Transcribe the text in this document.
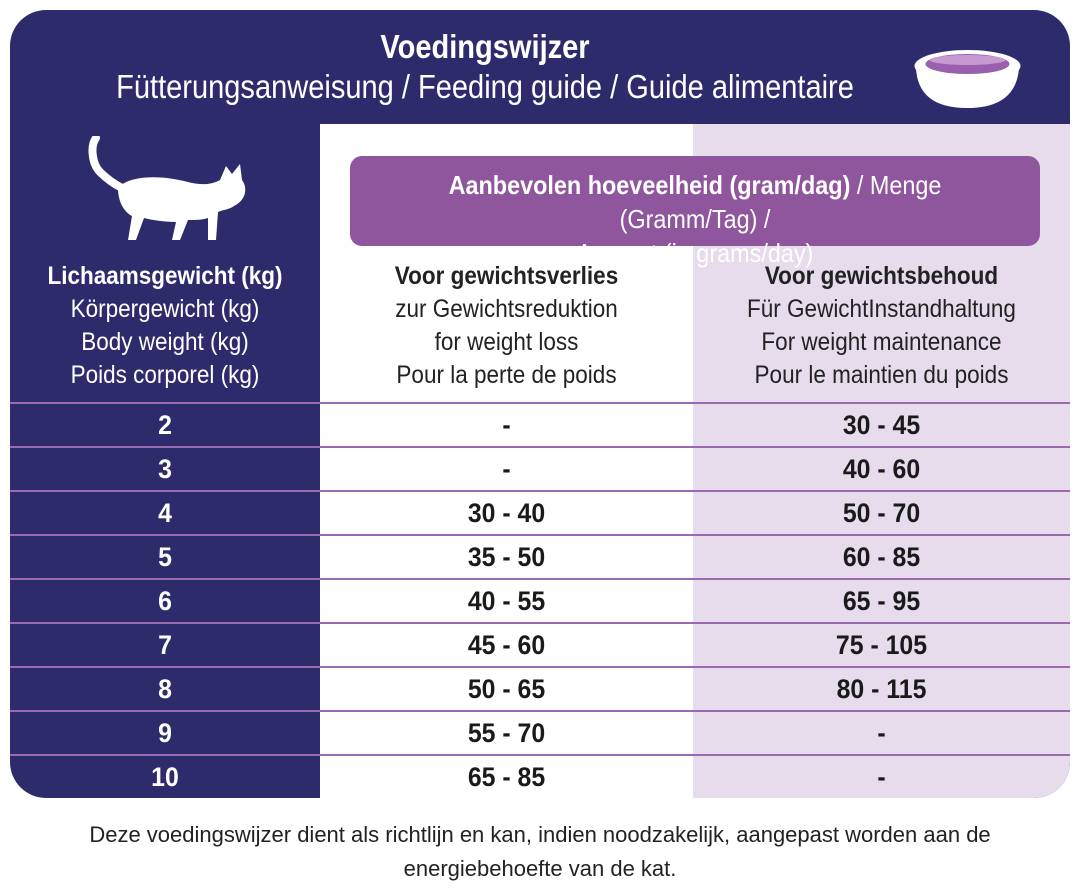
Voedingswijzer
Fütterungsanweisung / Feeding guide / Guide alimentaire
Aanbevolen hoeveelheid (gram/dag) / Menge (Gramm/Tag) /
Amount (in grams/day)
Lichaamsgewicht (kg)
Körpergewicht (kg)
Body weight (kg)
Poids corporel (kg)
Voor gewichtsverlies
zur Gewichtsreduktion
for weight loss
Pour la perte de poids
Voor gewichtsbehoud
Für GewichtInstandhaltung
For weight maintenance
Pour le maintien du poids
2	-	30 - 45
3	-	40 - 60
4	30 - 40	50 - 70
5	35 - 50	60 - 85
6	40 - 55	65 - 95
7	45 - 60	75 - 105
8	50 - 65	80 - 115
9	55 - 70	-
10	65 - 85	-
Deze voedingswijzer dient als richtlijn en kan, indien noodzakelijk, aangepast worden aan de
energiebehoefte van de kat.
